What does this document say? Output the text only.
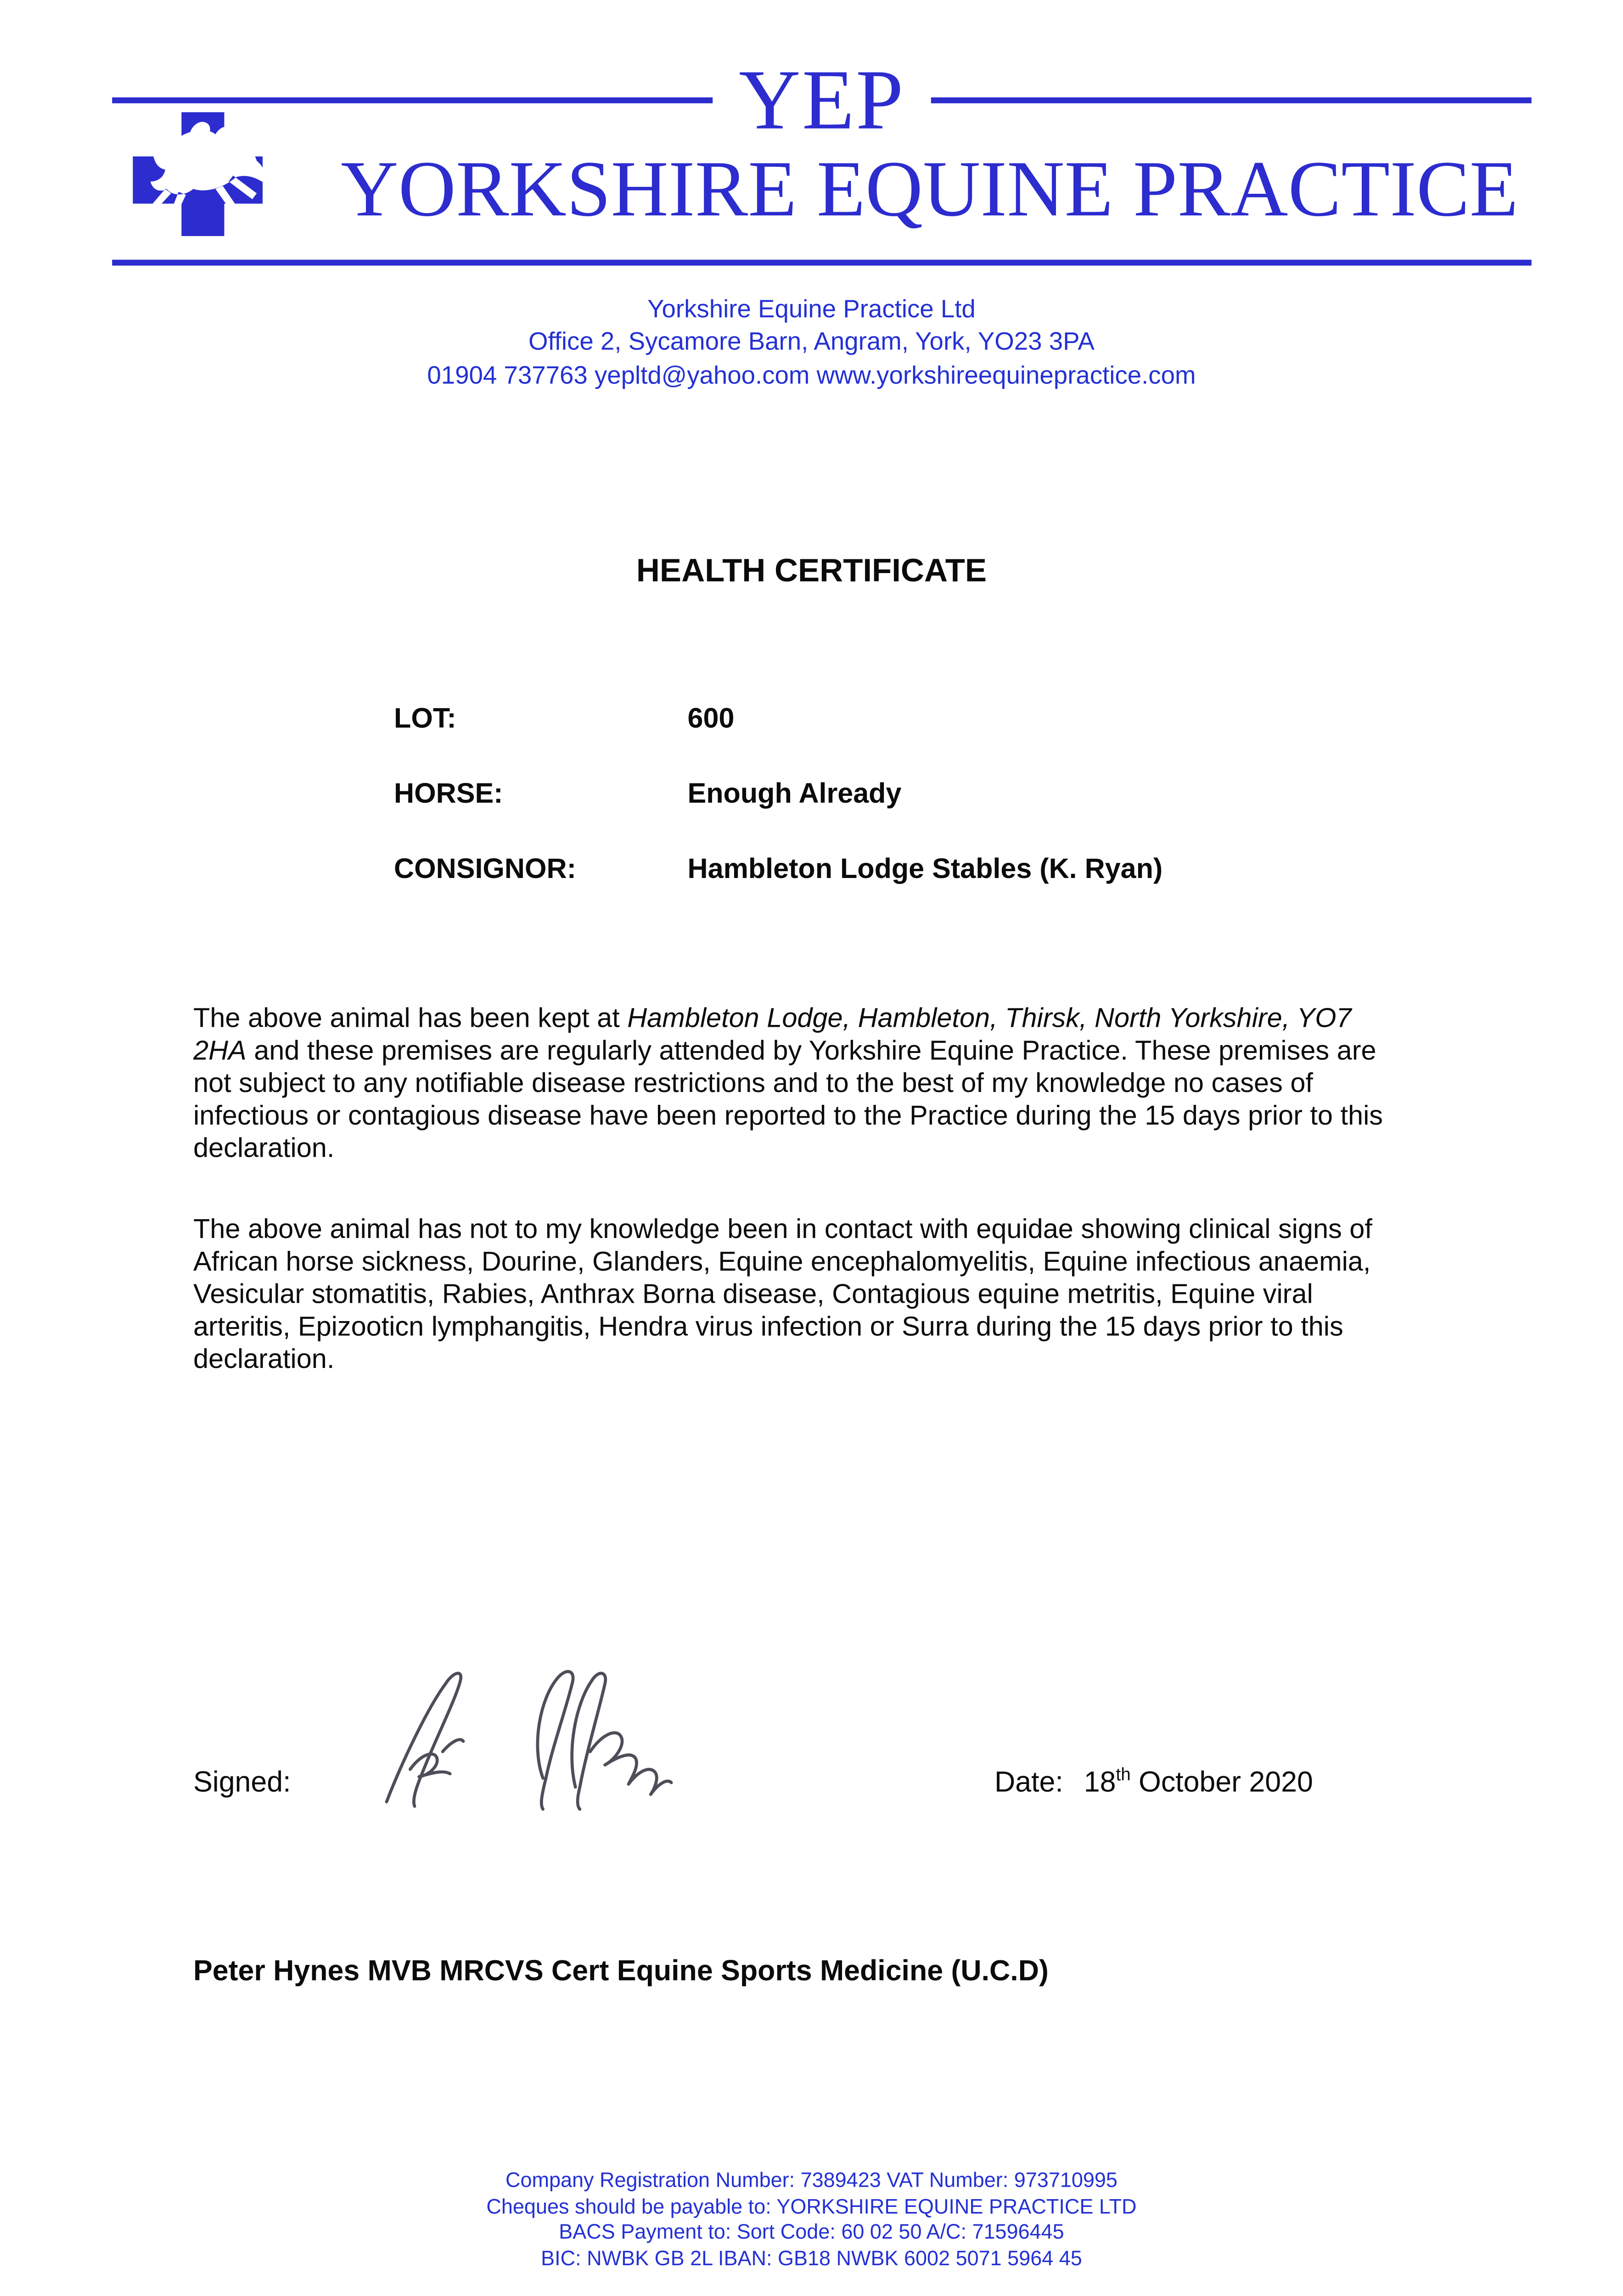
YEP
YORKSHIRE EQUINE PRACTICE
Yorkshire Equine Practice Ltd
Office 2, Sycamore Barn, Angram, York, YO23 3PA
01904 737763 yepltd@yahoo.com www.yorkshireequinepractice.com
HEALTH CERTIFICATE
LOT:	600
HORSE:	Enough Already
CONSIGNOR:	Hambleton Lodge Stables (K. Ryan)

The above animal has been kept at Hambleton Lodge, Hambleton, Thirsk, North Yorkshire, YO7 2HA and these premises are regularly attended by Yorkshire Equine Practice. These premises are not subject to any notifiable disease restrictions and to the best of my knowledge no cases of infectious or contagious disease have been reported to the Practice during the 15 days prior to this declaration.

The above animal has not to my knowledge been in contact with equidae showing clinical signs of African horse sickness, Dourine, Glanders, Equine encephalomyelitis, Equine infectious anaemia, Vesicular stomatitis, Rabies, Anthrax Borna disease, Contagious equine metritis, Equine viral arteritis, Epizooticn lymphangitis, Hendra virus infection or Surra during the 15 days prior to this declaration.

Signed:	Date: 18th October 2020

Peter Hynes MVB MRCVS Cert Equine Sports Medicine (U.C.D)

Company Registration Number: 7389423 VAT Number: 973710995
Cheques should be payable to: YORKSHIRE EQUINE PRACTICE LTD
BACS Payment to: Sort Code: 60 02 50 A/C: 71596445
BIC: NWBK GB 2L IBAN: GB18 NWBK 6002 5071 5964 45
